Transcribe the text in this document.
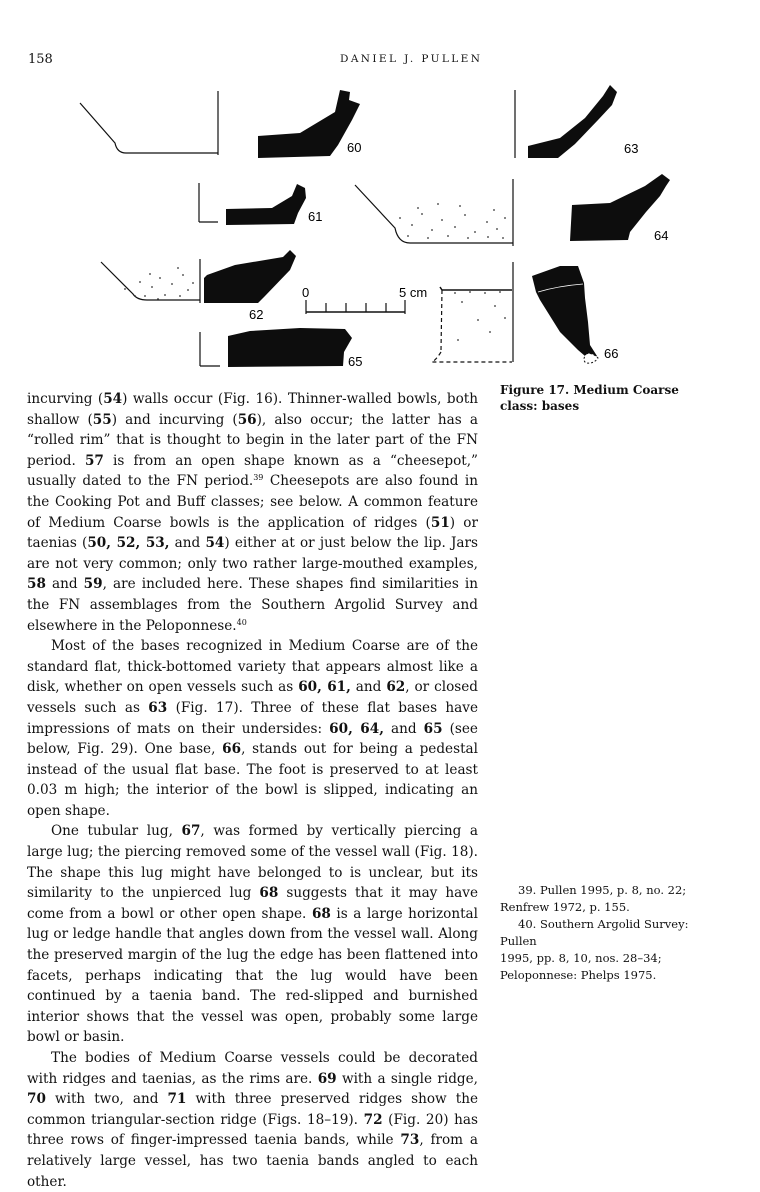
158	DANIEL J. PULLEN
60
61
62
63
64
65
66
0	5 cm
Figure 17. Medium Coarse class: bases

incurving (54) walls occur (Fig. 16). Thinner-walled bowls, both shallow (55) and incurving (56), also occur; the latter has a “rolled rim” that is thought to begin in the later part of the FN period. 57 is from an open shape known as a “cheesepot,” usually dated to the FN period.$^{39}$ Cheesepots are also found in the Cooking Pot and Buff classes; see below. A common feature of Medium Coarse bowls is the application of ridges (51) or taenias (50, 52, 53, and 54) either at or just below the lip. Jars are not very common; only two rather large-mouthed examples, 58 and 59, are included here. These shapes find similarities in the FN assemblages from the Southern Argolid Survey and elsewhere in the Peloponnese.$^{40}$

Most of the bases recognized in Medium Coarse are of the standard flat, thick-bottomed variety that appears almost like a disk, whether on open vessels such as 60, 61, and 62, or closed vessels such as 63 (Fig. 17). Three of these flat bases have impressions of mats on their undersides: 60, 64, and 65 (see below, Fig. 29). One base, 66, stands out for being a pedestal instead of the usual flat base. The foot is preserved to at least 0.03 m high; the interior of the bowl is slipped, indicating an open shape.

One tubular lug, 67, was formed by vertically piercing a large lug; the piercing removed some of the vessel wall (Fig. 18). The shape this lug might have belonged to is unclear, but its similarity to the unpierced lug 68 suggests that it may have come from a bowl or other open shape. 68 is a large horizontal lug or ledge handle that angles down from the vessel wall. Along the preserved margin of the lug the edge has been flattened into facets, perhaps indicating that the lug would have been continued by a taenia band. The red-slipped and burnished interior shows that the vessel was open, probably some large bowl or basin.

The bodies of Medium Coarse vessels could be decorated with ridges and taenias, as the rims are. 69 with a single ridge, 70 with two, and 71 with three preserved ridges show the common triangular-section ridge (Figs. 18–19). 72 (Fig. 20) has three rows of finger-impressed taenia bands, while 73, from a relatively large vessel, has two taenia bands angled to each other.

39. Pullen 1995, p. 8, no. 22;

Renfrew 1972, p. 155.

40. Southern Argolid Survey: Pullen

1995, pp. 8, 10, nos. 28–34;

Peloponnese: Phelps 1975.
